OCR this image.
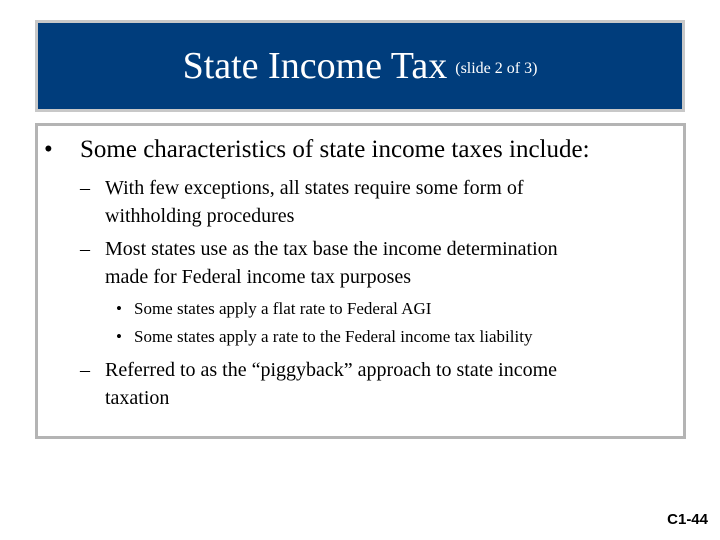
State Income Tax (slide 2 of 3)
• Some characteristics of state income taxes include:
– With few exceptions, all states require some form of
withholding procedures
– Most states use as the tax base the income determination
made for Federal income tax purposes
• Some states apply a flat rate to Federal AGI
• Some states apply a rate to the Federal income tax liability
– Referred to as the “piggyback” approach to state income
taxation
C1-44
